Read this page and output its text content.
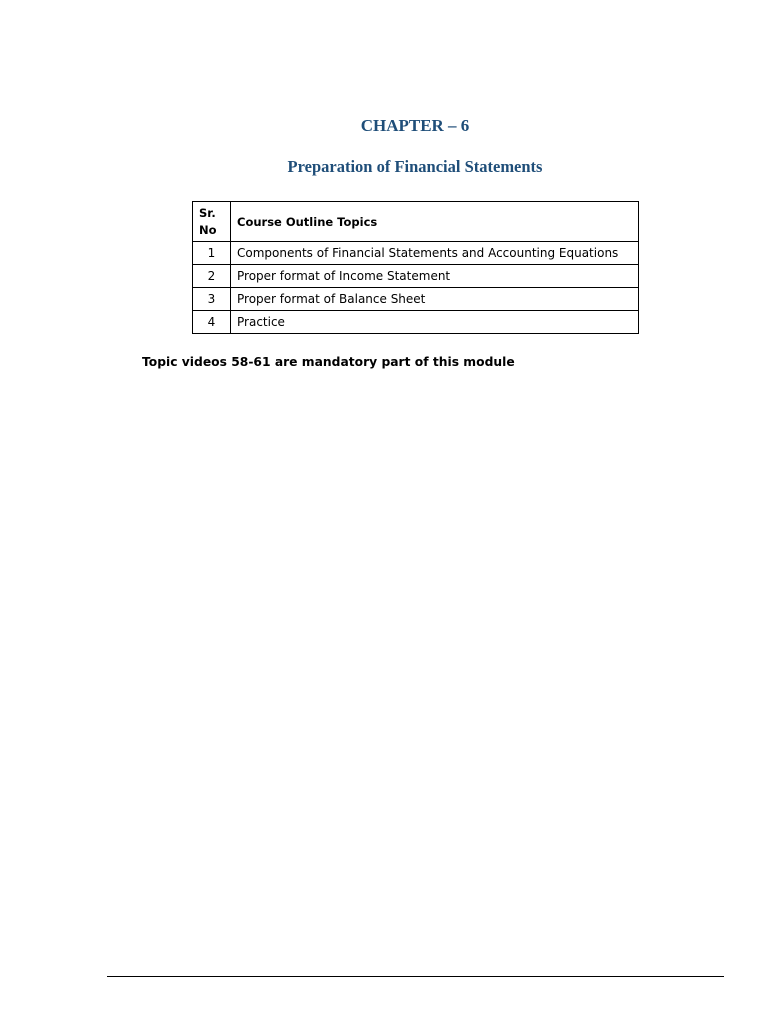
CHAPTER – 6
Preparation of Financial Statements
Sr.
No	Course Outline Topics
1	Components of Financial Statements and Accounting Equations
2	Proper format of Income Statement
3	Proper format of Balance Sheet
4	Practice

Topic videos 58-61 are mandatory part of this module
